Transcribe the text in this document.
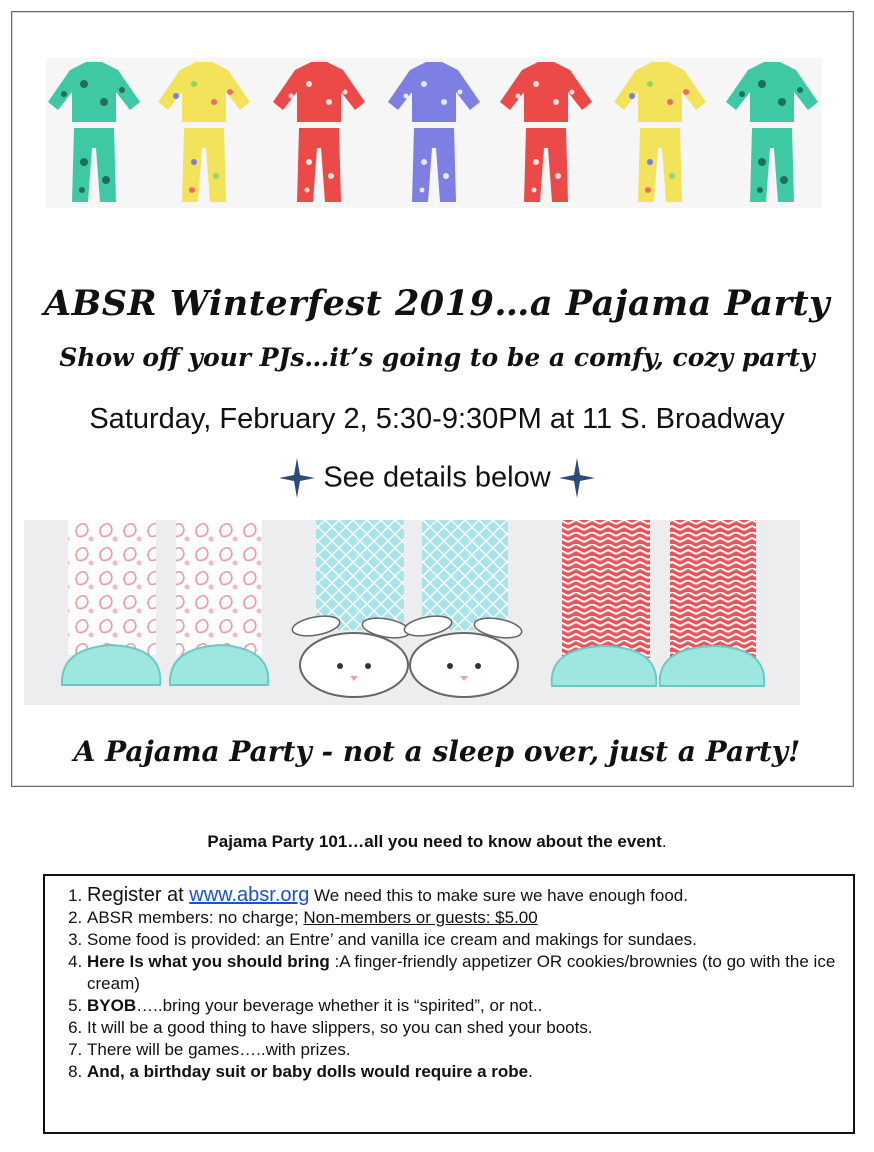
ABSR Winterfest 2019…a Pajama Party
Show off your PJs…it’s going to be a comfy, cozy party
Saturday, February 2, 5:30-9:30PM at 11 S. Broadway
See details below
A Pajama Party - not a sleep over, just a Party!
Pajama Party 101…all you need to know about the event.
1. Register at www.absr.org We need this to make sure we have enough food.
2. ABSR members: no charge; Non-members or guests: $5.00
3. Some food is provided: an Entre’ and vanilla ice cream and makings for sundaes.
4. Here Is what you should bring :A finger-friendly appetizer OR cookies/brownies (to go with the ice cream)
5. BYOB…..bring your beverage whether it is “spirited”, or not..
6. It will be a good thing to have slippers, so you can shed your boots.
7. There will be games…..with prizes.
8. And, a birthday suit or baby dolls would require a robe.
